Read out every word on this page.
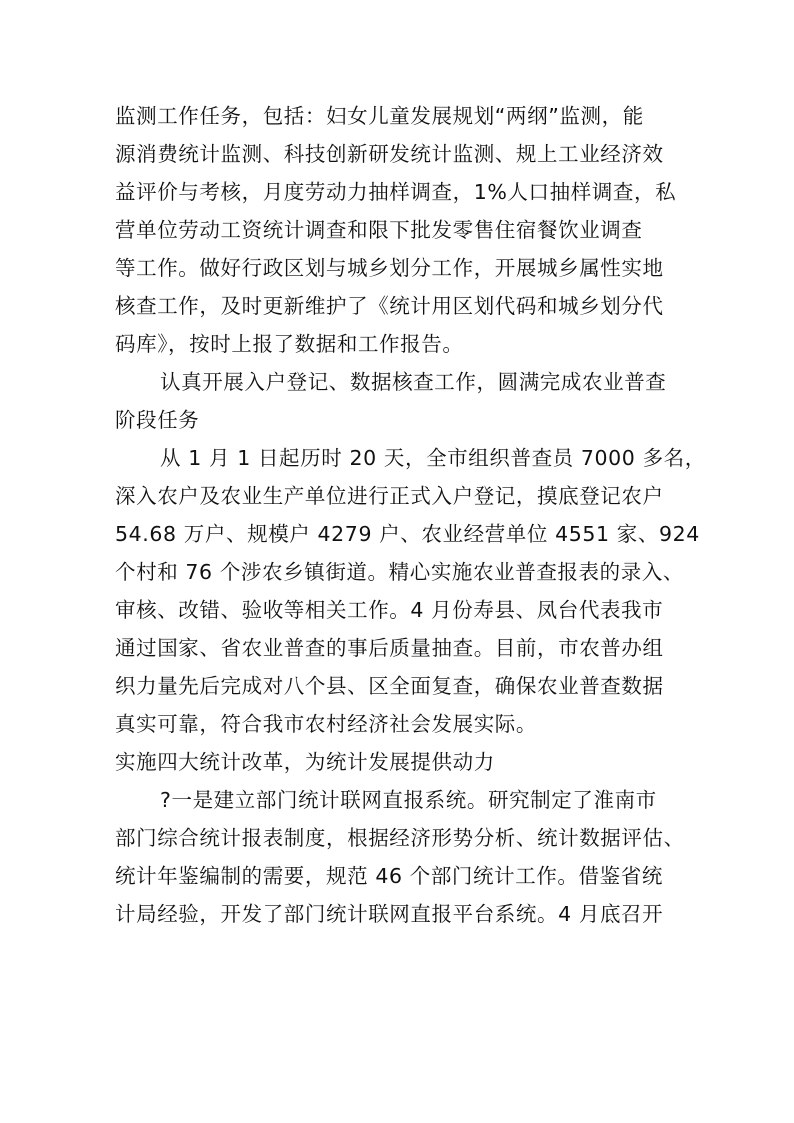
监测工作任务，包括：妇女儿童发展规划“两纲”监测，能
源消费统计监测、科技创新研发统计监测、规上工业经济效
益评价与考核，月度劳动力抽样调查，1%人口抽样调查，私
营单位劳动工资统计调查和限下批发零售住宿餐饮业调查
等工作。做好行政区划与城乡划分工作，开展城乡属性实地
核查工作，及时更新维护了《统计用区划代码和城乡划分代
码库》，按时上报了数据和工作报告。
认真开展入户登记、数据核查工作，圆满完成农业普查
阶段任务
从 1 月 1 日起历时 20 天，全市组织普查员 7000 多名，
深入农户及农业生产单位进行正式入户登记，摸底登记农户
54.68 万户、规模户 4279 户、农业经营单位 4551 家、924
个村和 76 个涉农乡镇街道。精心实施农业普查报表的录入、
审核、改错、验收等相关工作。4 月份寿县、凤台代表我市
通过国家、省农业普查的事后质量抽查。目前，市农普办组
织力量先后完成对八个县、区全面复查，确保农业普查数据
真实可靠，符合我市农村经济社会发展实际。
实施四大统计改革，为统计发展提供动力
?一是建立部门统计联网直报系统。研究制定了淮南市
部门综合统计报表制度，根据经济形势分析、统计数据评估、
统计年鉴编制的需要，规范 46 个部门统计工作。借鉴省统
计局经验，开发了部门统计联网直报平台系统。4 月底召开
